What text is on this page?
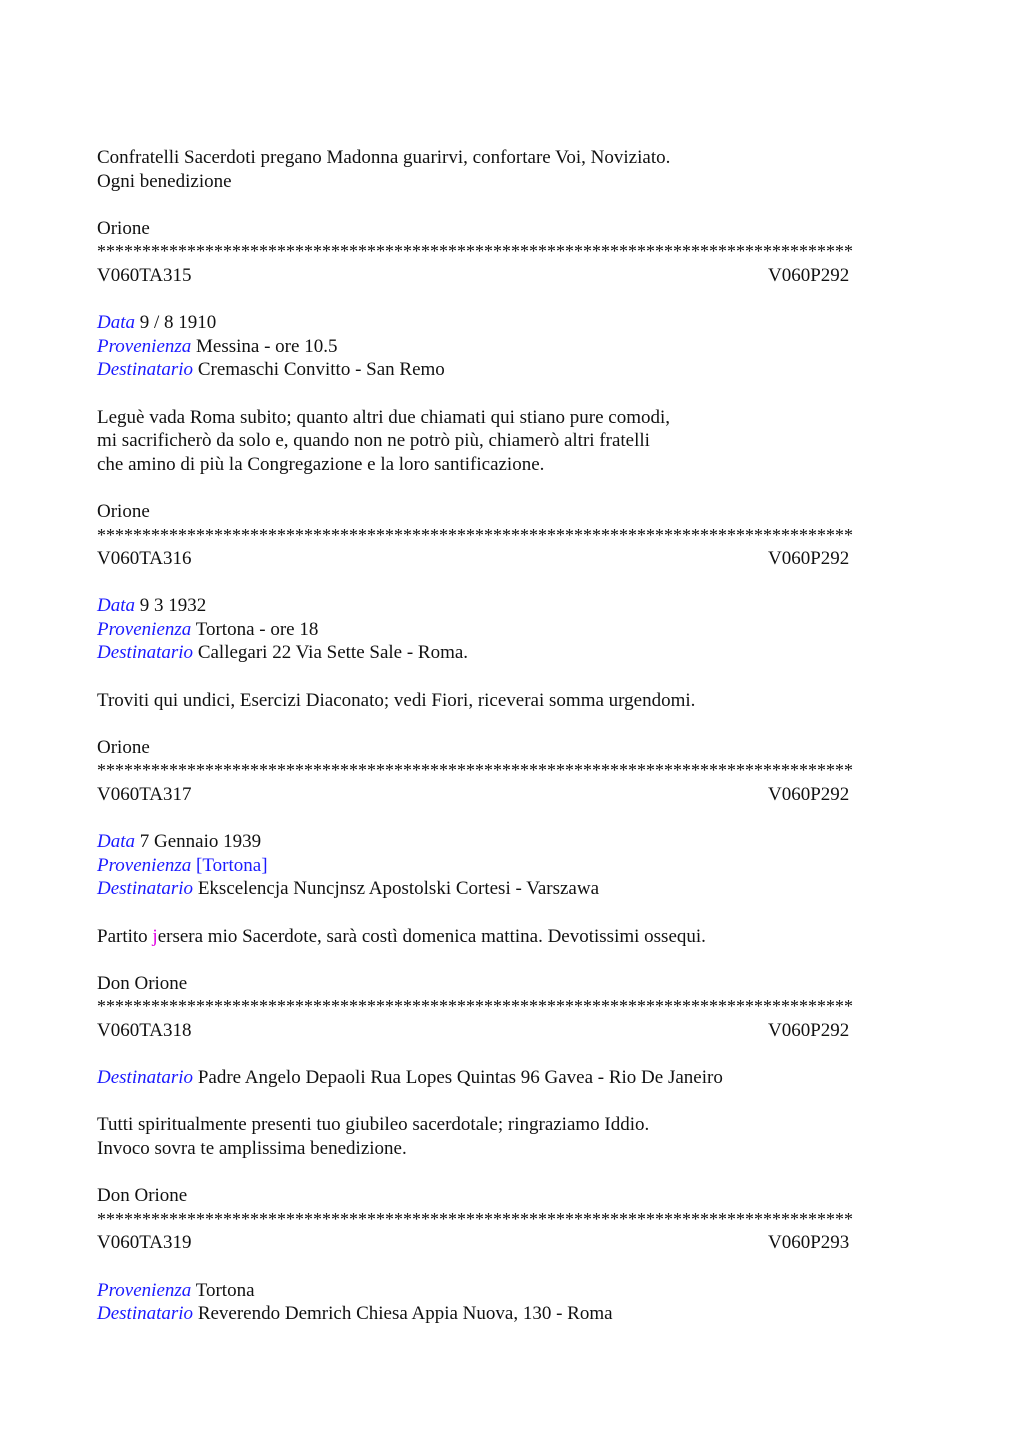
Confratelli Sacerdoti pregano Madonna guarirvi, confortare Voi, Noviziato.
Ogni benedizione
Orione
************************************************************************************
V060TA315	V060P292
Data 9 / 8 1910
Provenienza Messina - ore 10.5
Destinatario Cremaschi Convitto - San Remo
Leguè vada Roma subito; quanto altri due chiamati qui stiano pure comodi,
mi sacrificherò da solo e, quando non ne potrò più, chiamerò altri fratelli
che amino di più la Congregazione e la loro santificazione.
Orione
************************************************************************************
V060TA316	V060P292
Data 9 3 1932
Provenienza Tortona - ore 18
Destinatario Callegari 22 Via Sette Sale - Roma.
Troviti qui undici, Esercizi Diaconato; vedi Fiori, riceverai somma urgendomi.
Orione
************************************************************************************
V060TA317	V060P292
Data 7 Gennaio 1939
Provenienza [Tortona]
Destinatario Ekscelencja Nuncjnsz Apostolski Cortesi - Varszawa
Partito jersera mio Sacerdote, sarà costì domenica mattina. Devotissimi ossequi.
Don Orione
************************************************************************************
V060TA318	V060P292
Destinatario Padre Angelo Depaoli Rua Lopes Quintas 96 Gavea - Rio De Janeiro
Tutti spiritualmente presenti tuo giubileo sacerdotale; ringraziamo Iddio.
Invoco sovra te amplissima benedizione.
Don Orione
************************************************************************************
V060TA319	V060P293
Provenienza Tortona
Destinatario Reverendo Demrich Chiesa Appia Nuova, 130 - Roma
